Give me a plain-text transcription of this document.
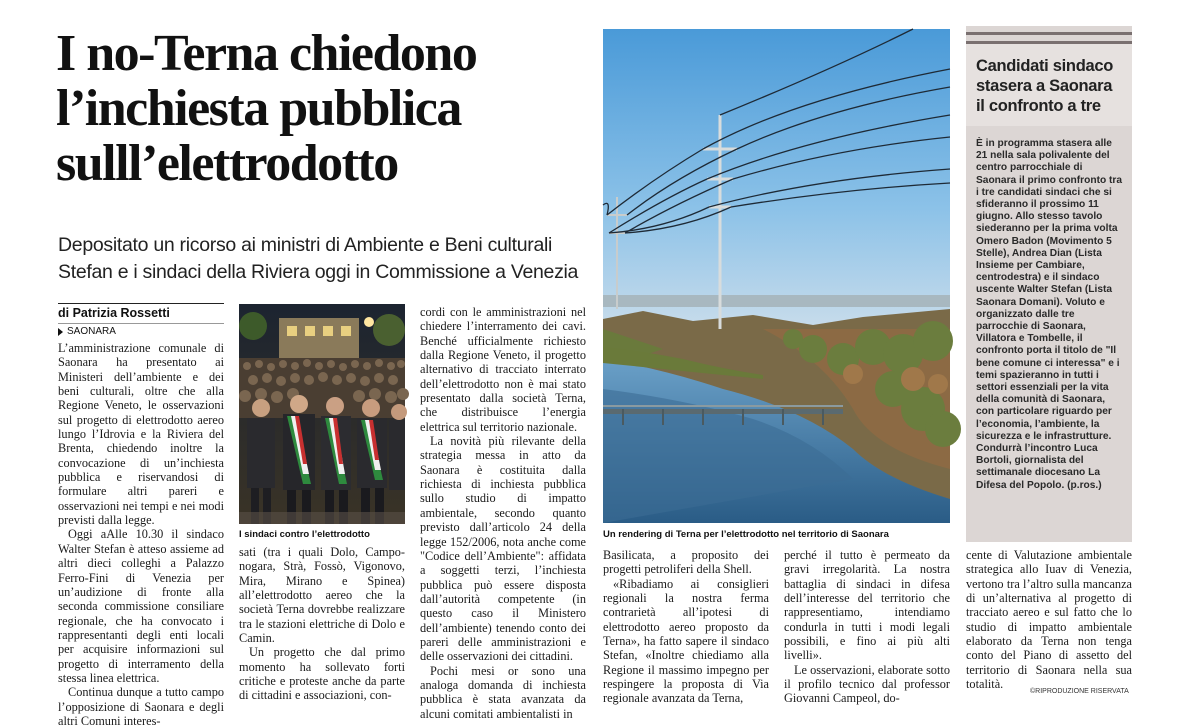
I no-Terna chiedono
l’inchiesta pubblica
sulll’elettrodotto
Depositato un ricorso ai ministri di Ambiente e Beni culturali
Stefan e i sindaci della Riviera oggi in Commissione a Venezia
di Patrizia Rossetti
SAONARA

L’amministrazione comunale di Saonara ha presentato ai Ministeri dell’ambiente e dei beni culturali, oltre che alla Regione Veneto, le osservazioni sul progetto di elettrodotto aereo lungo l’Idrovia e la Riviera del Brenta, chiedendo inoltre la convocazione di un’inchiesta pubblica e riservandosi di formulare altri pareri e osservazioni nei tempi e nei modi previsti dalla legge.

Oggi aAlle 10.30 il sindaco Walter Stefan è atteso assieme ad altri dieci colleghi a Palazzo Ferro-Fini di Venezia per un’audizione di fronte alla seconda commissione consiliare regionale, che ha convocato i rappresentanti degli enti locali per acquisire informazioni sul progetto di interramento della stessa linea elettrica.

Continua dunque a tutto campo l’opposizione di Saonara e degli altri Comuni interes-

I sindaci contro l’elettrodotto

sati (tra i quali Dolo, Campo-nogara, Strà, Fossò, Vigonovo, Mira, Mirano e Spinea) all’elettrodotto aereo che la società Terna dovrebbe realizzare tra le stazioni elettriche di Dolo e Camin.

Un progetto che dal primo momento ha sollevato forti critiche e proteste anche da parte di cittadini e associazioni, con-

cordi con le amministrazioni nel chiedere l’interramento dei cavi. Benché ufficialmente richiesto dalla Regione Veneto, il progetto alternativo di tracciato interrato dell’elettrodotto non è mai stato presentato dalla società Terna, che distribuisce l’energia elettrica sul territorio nazionale.

La novità più rilevante della strategia messa in atto da Saonara è costituita dalla richiesta di inchiesta pubblica sullo studio di impatto ambientale, secondo quanto previsto dall’articolo 24 della legge 152/2006, nota anche come "Codice dell’Ambiente": affidata a soggetti terzi, l’inchiesta pubblica può essere disposta dall’autorità competente (in questo caso il Ministero dell’ambiente) tenendo conto dei pareri delle amministrazioni e delle osservazioni dei cittadini.

Pochi mesi or sono una analoga domanda di inchiesta pubblica è stata avanzata da alcuni comitati ambientalisti in

Un rendering di Terna per l’elettrodotto nel territorio di Saonara

Basilicata, a proposito dei progetti petroliferi della Shell.

«Ribadiamo ai consiglieri regionali la nostra ferma contrarietà all’ipotesi di elettrodotto aereo proposto da Terna», ha fatto sapere il sindaco Stefan, «Inoltre chiediamo alla Regione il massimo impegno per respingere la proposta di Via regionale avanzata da Terna,

perché il tutto è permeato da gravi irregolarità. La nostra battaglia di sindaci in difesa dell’interesse del territorio che rappresentiamo, intendiamo condurla in tutti i modi legali possibili, e fino ai più alti livelli».

Le osservazioni, elaborate sotto il profilo tecnico dal professor Giovanni Campeol, do-

cente di Valutazione ambientale strategica allo Iuav di Venezia, vertono tra l’altro sulla mancanza di un’alternativa al progetto di tracciato aereo e sul fatto che lo studio di impatto ambientale elaborato da Terna non tenga conto del Piano di assetto del territorio di Saonara nella sua totalità.

©RIPRODUZIONE RISERVATA
Candidati sindaco stasera a Saonara il confronto a tre
È in programma stasera alle 21 nella sala polivalente del centro parrocchiale di Saonara il primo confronto tra i tre candidati sindaci che si sfideranno il prossimo 11 giugno. Allo stesso tavolo siederanno per la prima volta Omero Badon (Movimento 5 Stelle), Andrea Dian (Lista Insieme per Cambiare, centrodestra) e il sindaco uscente Walter Stefan (Lista Saonara Domani). Voluto e organizzato dalle tre parrocchie di Saonara, Villatora e Tombelle, il confronto porta il titolo de "Il bene comune ci interessa" e i temi spazieranno in tutti i settori essenziali per la vita della comunità di Saonara, con particolare riguardo per l’economia, l’ambiente, la sicurezza e le infrastrutture. Condurrà l’incontro Luca Bortoli, giornalista del settimanale diocesano La Difesa del Popolo. (p.ros.)
